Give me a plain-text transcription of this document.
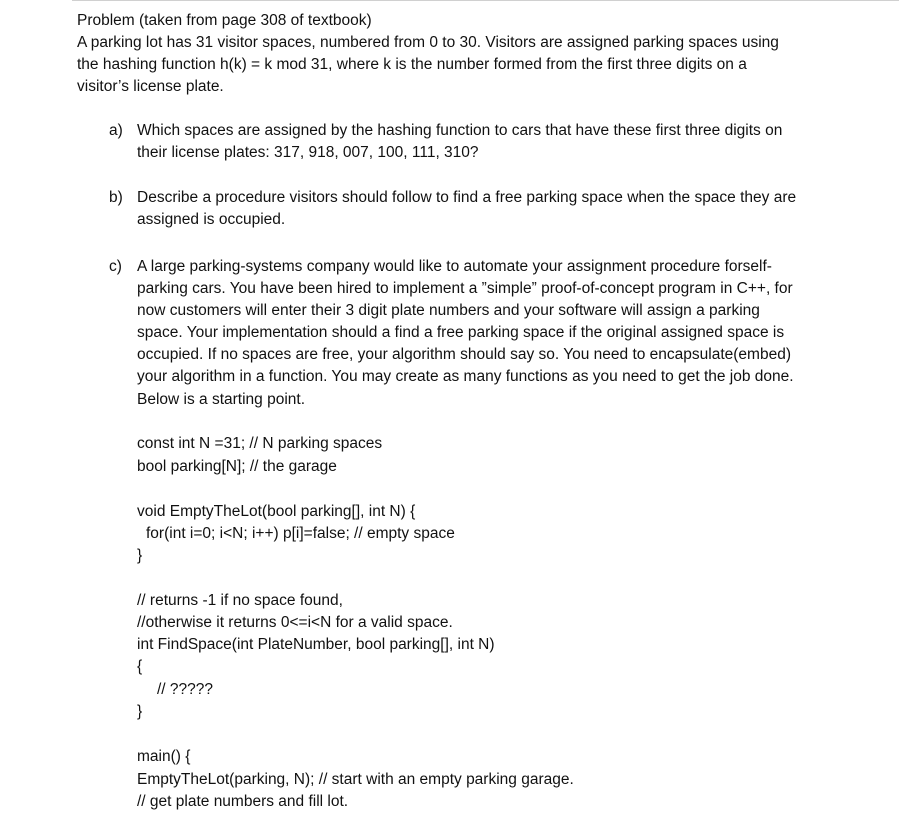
Problem (taken from page 308 of textbook)
A parking lot has 31 visitor spaces, numbered from 0 to 30. Visitors are assigned parking spaces using
the hashing function h(k) = k mod 31, where k is the number formed from the first three digits on a
visitor’s license plate.
a) Which spaces are assigned by the hashing function to cars that have these first three digits on
their license plates: 317, 918, 007, 100, 111, 310?
b) Describe a procedure visitors should follow to find a free parking space when the space they are
assigned is occupied.
c) A large parking-systems company would like to automate your assignment procedure forself-
parking cars. You have been hired to implement a ”simple” proof-of-concept program in C++, for
now customers will enter their 3 digit plate numbers and your software will assign a parking
space. Your implementation should a find a free parking space if the original assigned space is
occupied. If no spaces are free, your algorithm should say so. You need to encapsulate(embed)
your algorithm in a function. You may create as many functions as you need to get the job done.
Below is a starting point.
const int N =31; // N parking spaces
bool parking[N]; // the garage
void EmptyTheLot(bool parking[], int N) {
for(int i=0; i<N; i++) p[i]=false; // empty space
}
// returns -1 if no space found,
//otherwise it returns 0<=i<N for a valid space.
int FindSpace(int PlateNumber, bool parking[], int N)
{
// ?????
}
main() {
EmptyTheLot(parking, N); // start with an empty parking garage.
// get plate numbers and fill lot.
